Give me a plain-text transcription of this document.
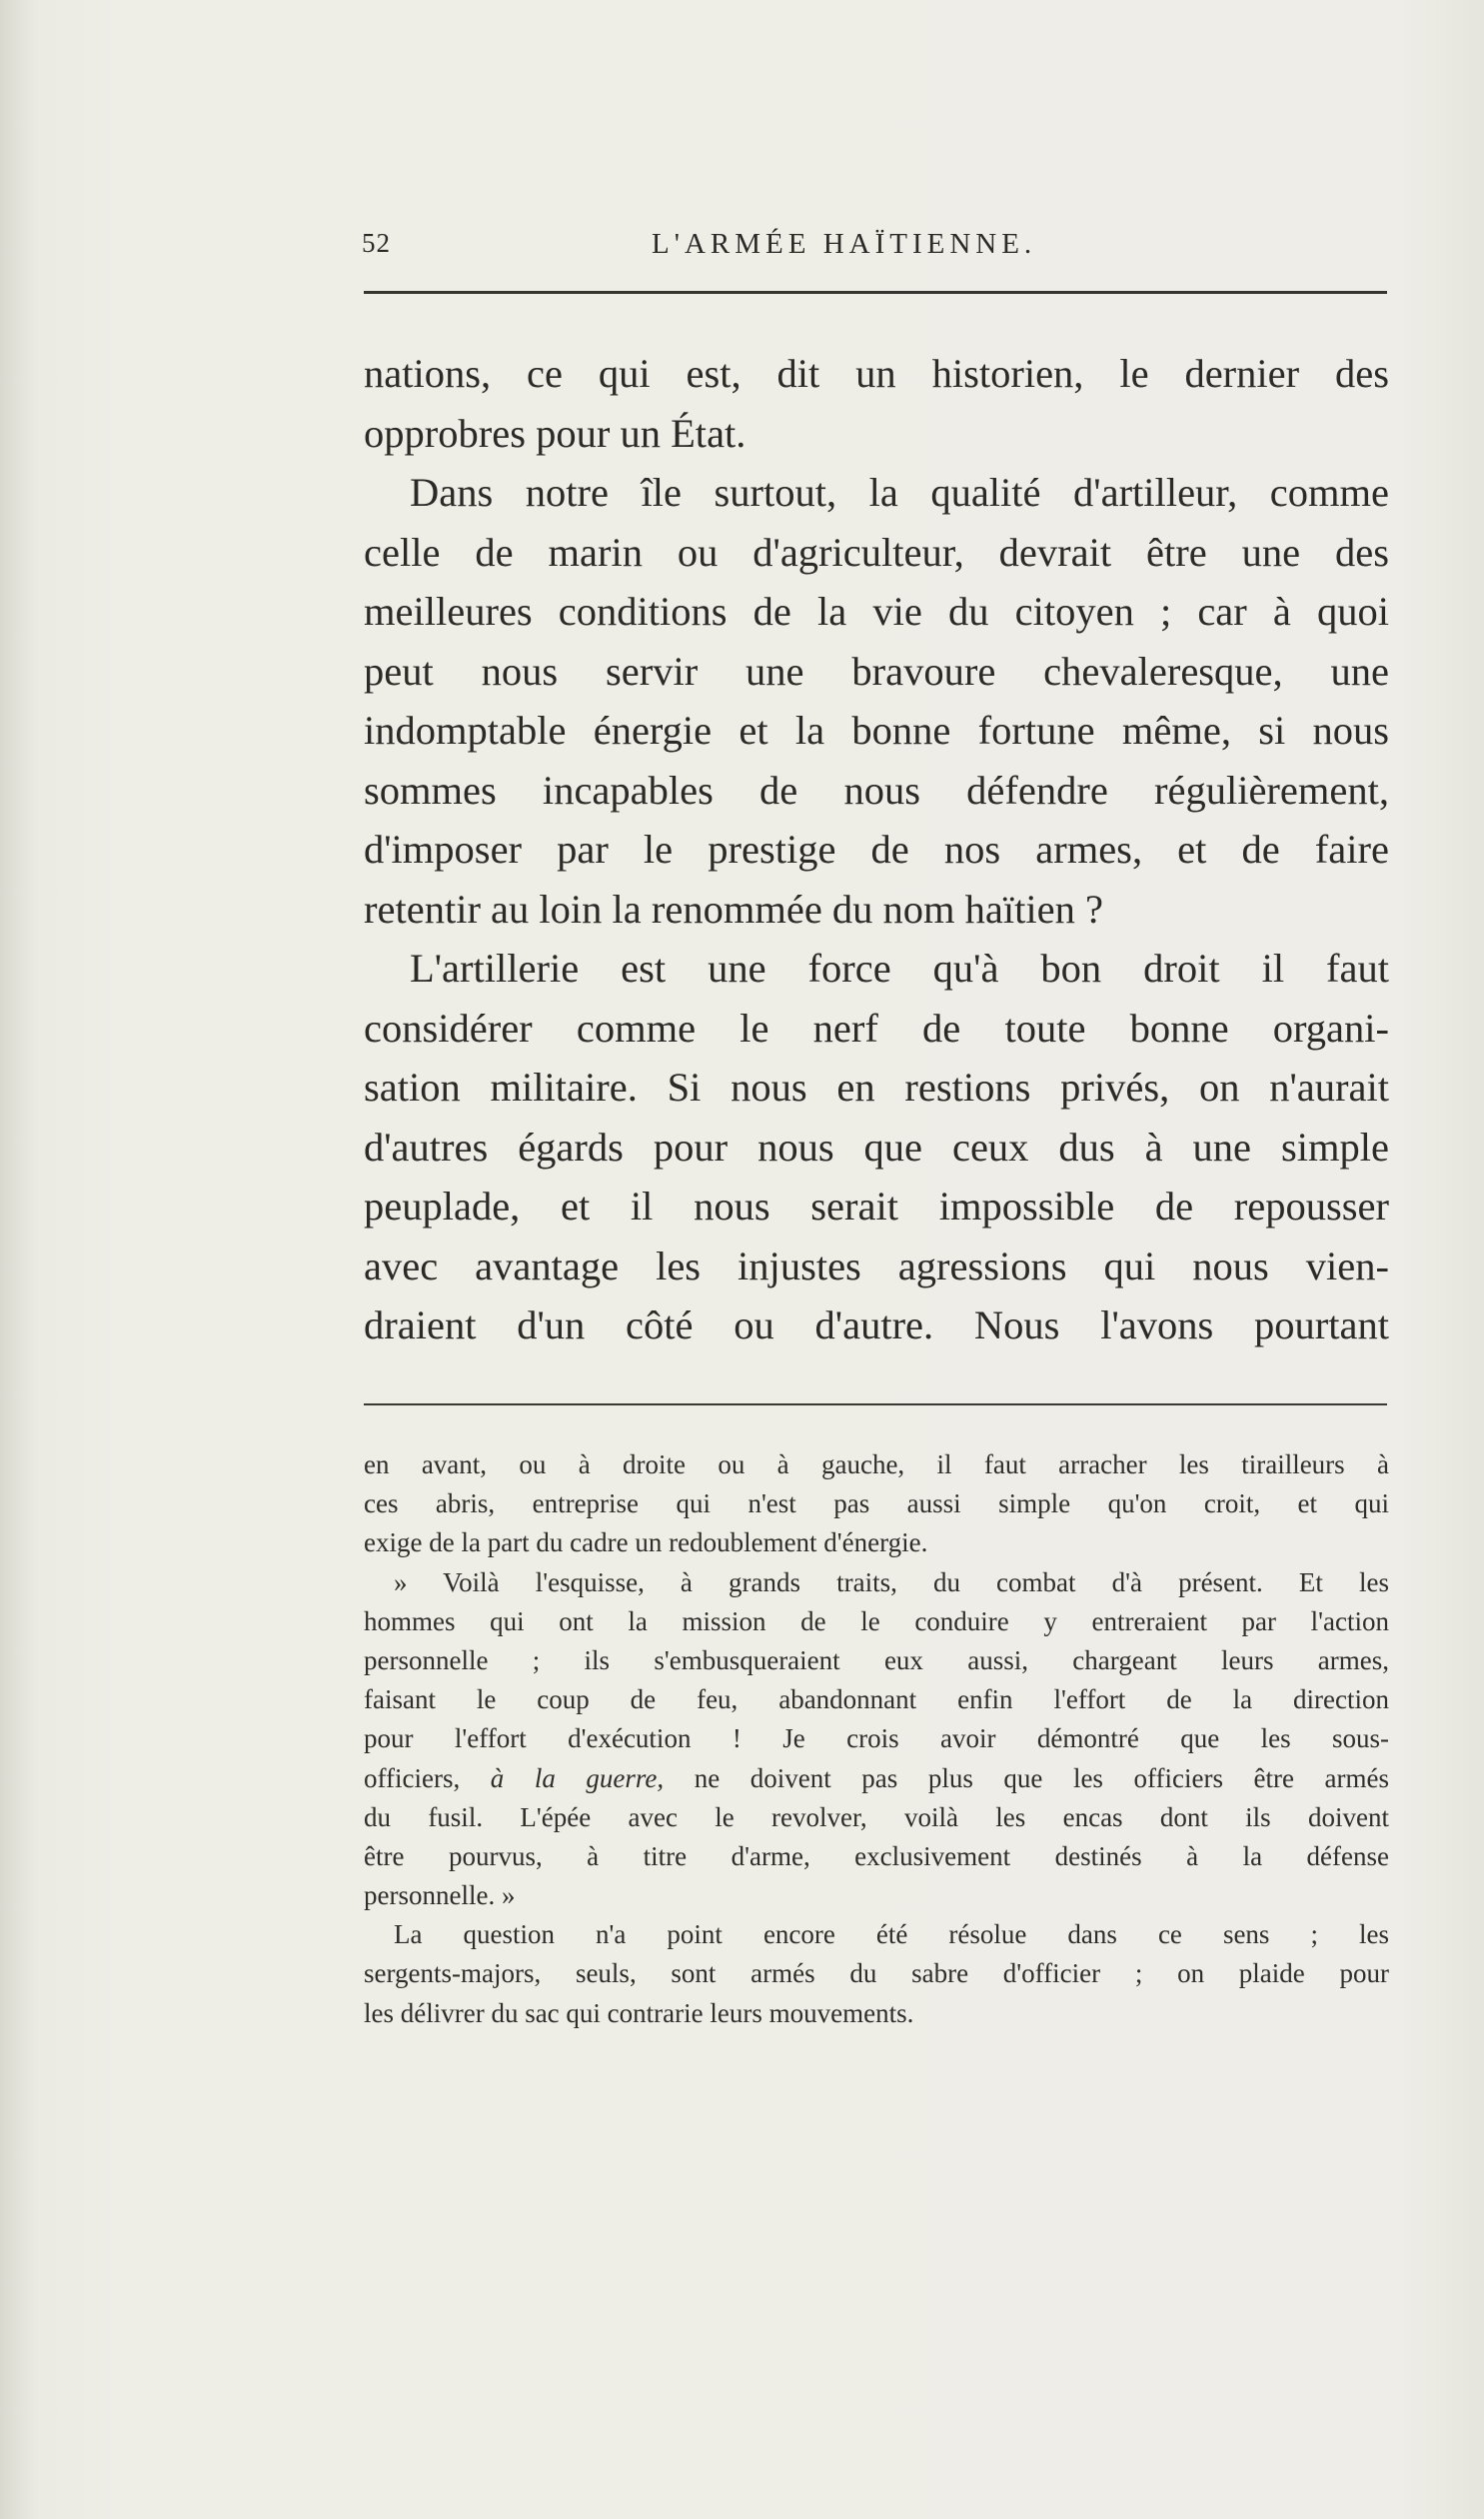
52	L'ARMÉE HAÏTIENNE.
nations, ce qui est, dit un historien, le dernier des
opprobres pour un État.
Dans notre île surtout, la qualité d'artilleur, comme
celle de marin ou d'agriculteur, devrait être une des
meilleures conditions de la vie du citoyen ; car à quoi
peut nous servir une bravoure chevaleresque, une
indomptable énergie et la bonne fortune même, si nous
sommes incapables de nous défendre régulièrement,
d'imposer par le prestige de nos armes, et de faire
retentir au loin la renommée du nom haïtien ?
L'artillerie est une force qu'à bon droit il faut
considérer comme le nerf de toute bonne organi-
sation militaire. Si nous en restions privés, on n'aurait
d'autres égards pour nous que ceux dus à une simple
peuplade, et il nous serait impossible de repousser
avec avantage les injustes agressions qui nous vien-
draient d'un côté ou d'autre. Nous l'avons pourtant
en avant, ou à droite ou à gauche, il faut arracher les tirailleurs à
ces abris, entreprise qui n'est pas aussi simple qu'on croit, et qui
exige de la part du cadre un redoublement d'énergie.
» Voilà l'esquisse, à grands traits, du combat d'à présent. Et les
hommes qui ont la mission de le conduire y entreraient par l'action
personnelle ; ils s'embusqueraient eux aussi, chargeant leurs armes,
faisant le coup de feu, abandonnant enfin l'effort de la direction
pour l'effort d'exécution ! Je crois avoir démontré que les sous-
officiers, à la guerre, ne doivent pas plus que les officiers être armés
du fusil. L'épée avec le revolver, voilà les encas dont ils doivent
être pourvus, à titre d'arme, exclusivement destinés à la défense
personnelle. »
La question n'a point encore été résolue dans ce sens ; les
sergents-majors, seuls, sont armés du sabre d'officier ; on plaide pour
les délivrer du sac qui contrarie leurs mouvements.
